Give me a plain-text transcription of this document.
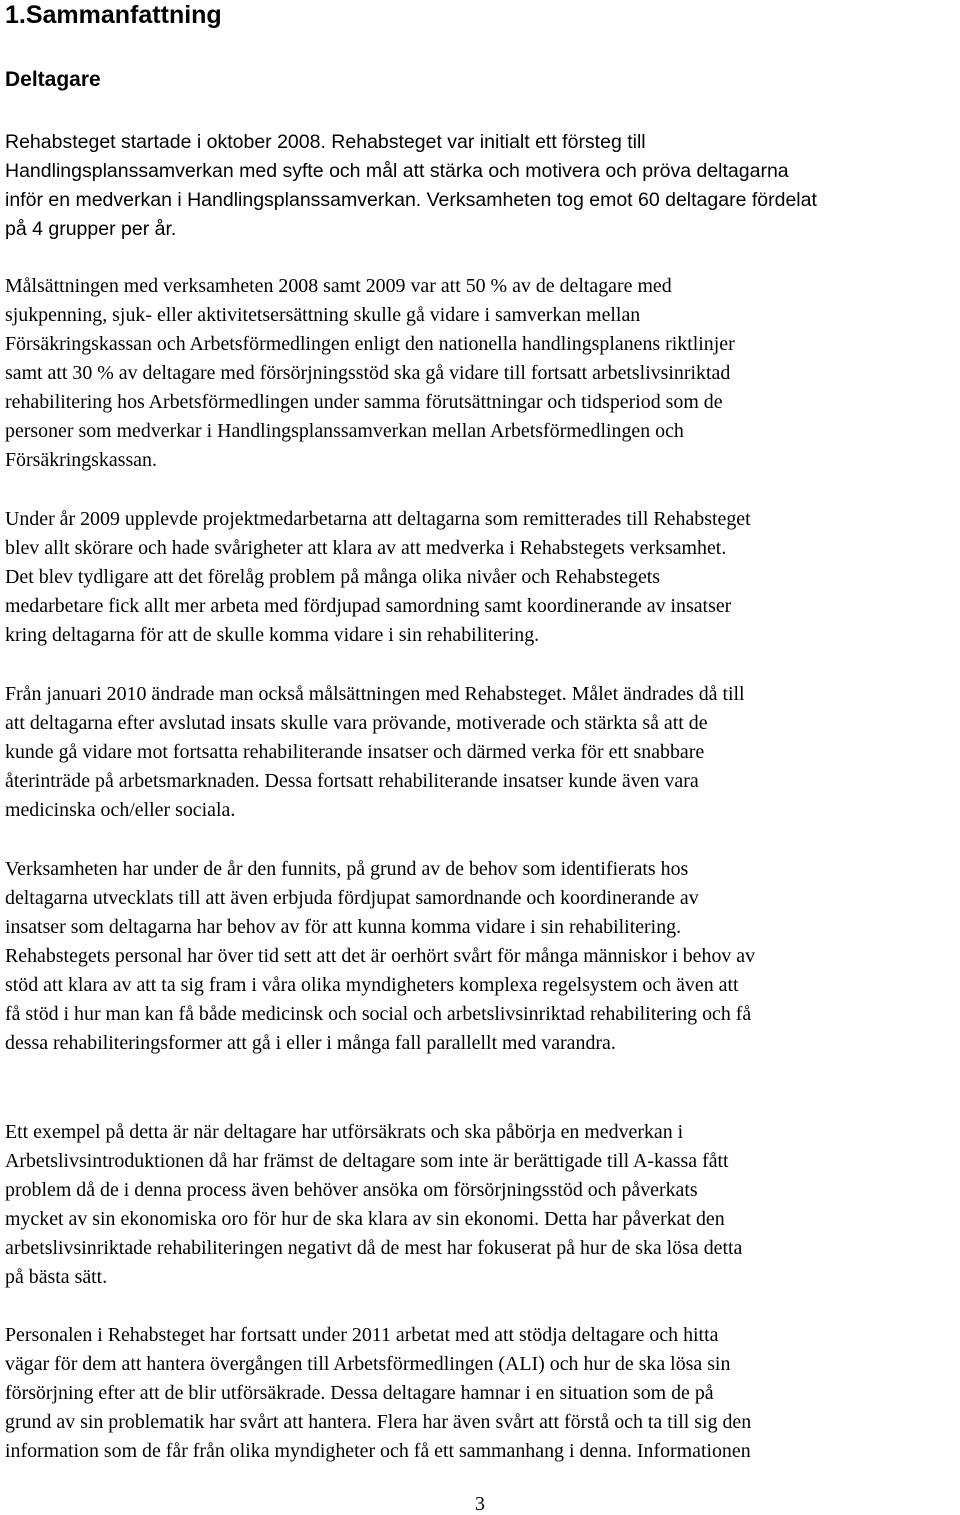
1.Sammanfattning
Deltagare
Rehabsteget startade i oktober 2008. Rehabsteget var initialt ett försteg till
Handlingsplanssamverkan med syfte och mål att stärka och motivera och pröva deltagarna
inför en medverkan i Handlingsplanssamverkan. Verksamheten tog emot 60 deltagare fördelat
på 4 grupper per år.
Målsättningen med verksamheten 2008 samt 2009 var att 50 % av de deltagare med
sjukpenning, sjuk- eller aktivitetsersättning skulle gå vidare i samverkan mellan
Försäkringskassan och Arbetsförmedlingen enligt den nationella handlingsplanens riktlinjer
samt att 30 % av deltagare med försörjningsstöd ska gå vidare till fortsatt arbetslivsinriktad
rehabilitering hos Arbetsförmedlingen under samma förutsättningar och tidsperiod som de
personer som medverkar i Handlingsplanssamverkan mellan Arbetsförmedlingen och
Försäkringskassan.
Under år 2009 upplevde projektmedarbetarna att deltagarna som remitterades till Rehabsteget
blev allt skörare och hade svårigheter att klara av att medverka i Rehabstegets verksamhet.
Det blev tydligare att det förelåg problem på många olika nivåer och Rehabstegets
medarbetare fick allt mer arbeta med fördjupad samordning samt koordinerande av insatser
kring deltagarna för att de skulle komma vidare i sin rehabilitering.
Från januari 2010 ändrade man också målsättningen med Rehabsteget. Målet ändrades då till
att deltagarna efter avslutad insats skulle vara prövande, motiverade och stärkta så att de
kunde gå vidare mot fortsatta rehabiliterande insatser och därmed verka för ett snabbare
återinträde på arbetsmarknaden. Dessa fortsatt rehabiliterande insatser kunde även vara
medicinska och/eller sociala.
Verksamheten har under de år den funnits, på grund av de behov som identifierats hos
deltagarna utvecklats till att även erbjuda fördjupat samordnande och koordinerande av
insatser som deltagarna har behov av för att kunna komma vidare i sin rehabilitering.
Rehabstegets personal har över tid sett att det är oerhört svårt för många människor i behov av
stöd att klara av att ta sig fram i våra olika myndigheters komplexa regelsystem och även att
få stöd i hur man kan få både medicinsk och social och arbetslivsinriktad rehabilitering och få
dessa rehabiliteringsformer att gå i eller i många fall parallellt med varandra.
Ett exempel på detta är när deltagare har utförsäkrats och ska påbörja en medverkan i
Arbetslivsintroduktionen då har främst de deltagare som inte är berättigade till A-kassa fått
problem då de i denna process även behöver ansöka om försörjningsstöd och påverkats
mycket av sin ekonomiska oro för hur de ska klara av sin ekonomi. Detta har påverkat den
arbetslivsinriktade rehabiliteringen negativt då de mest har fokuserat på hur de ska lösa detta
på bästa sätt.
Personalen i Rehabsteget har fortsatt under 2011 arbetat med att stödja deltagare och hitta
vägar för dem att hantera övergången till Arbetsförmedlingen (ALI) och hur de ska lösa sin
försörjning efter att de blir utförsäkrade. Dessa deltagare hamnar i en situation som de på
grund av sin problematik har svårt att hantera. Flera har även svårt att förstå och ta till sig den
information som de får från olika myndigheter och få ett sammanhang i denna. Informationen
3
